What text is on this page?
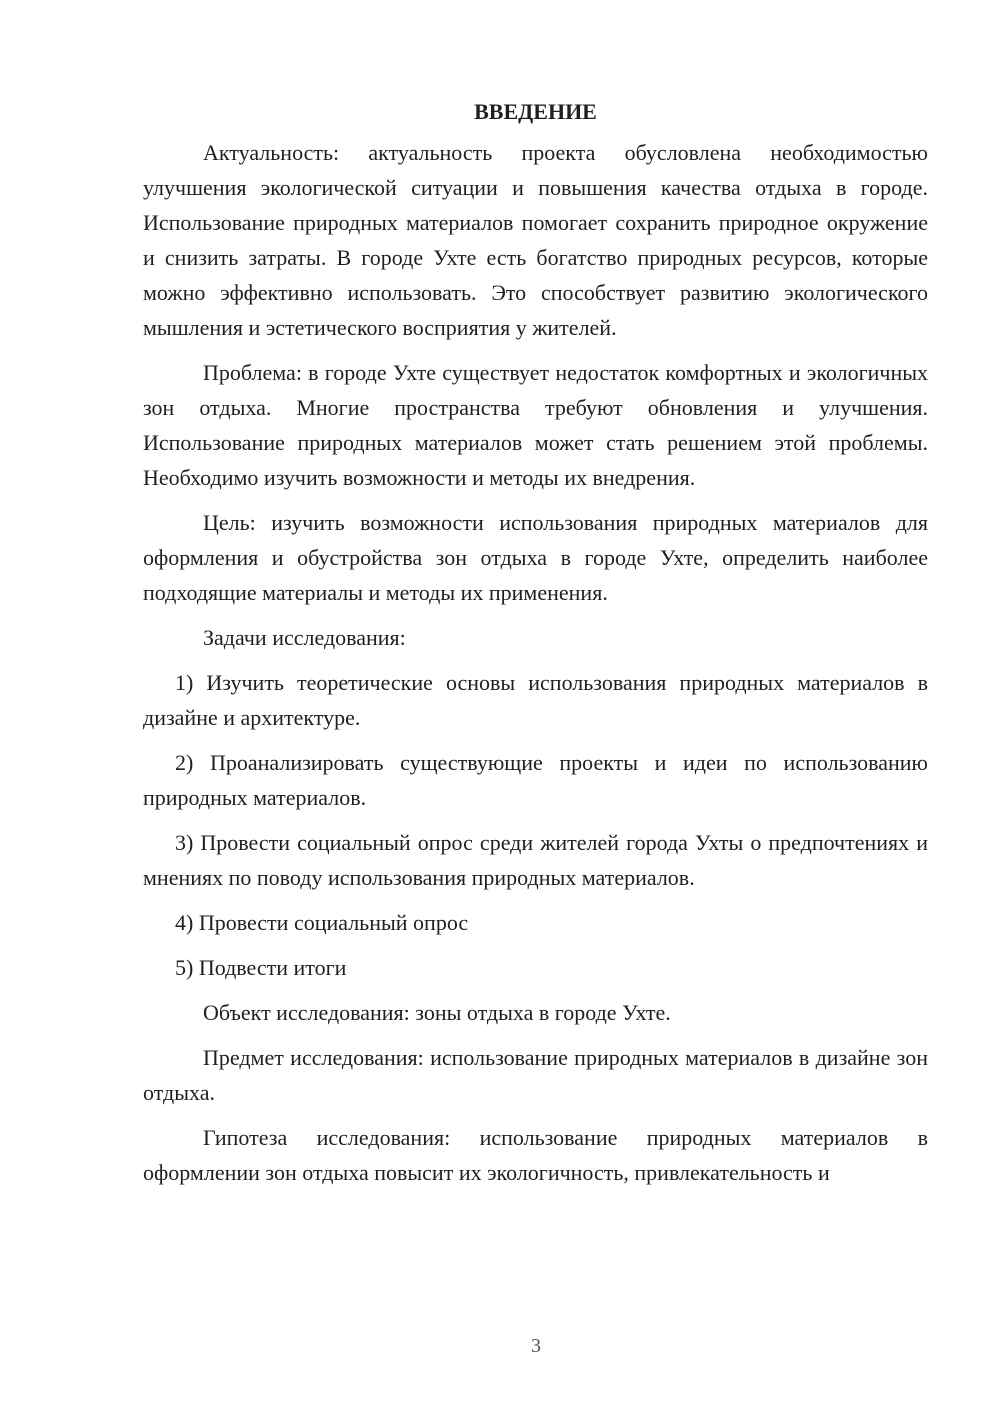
ВВЕДЕНИЕ

Актуальность: актуальность проекта обусловлена необходимостью улучшения экологической ситуации и повышения качества отдыха в городе. Использование природных материалов помогает сохранить природное окружение и снизить затраты. В городе Ухте есть богатство природных ресурсов, которые можно эффективно использовать. Это способствует развитию экологического мышления и эстетического восприятия у жителей.

Проблема: в городе Ухте существует недостаток комфортных и экологичных зон отдыха. Многие пространства требуют обновления и улучшения. Использование природных материалов может стать решением этой проблемы. Необходимо изучить возможности и методы их внедрения.

Цель: изучить возможности использования природных материалов для оформления и обустройства зон отдыха в городе Ухте, определить наиболее подходящие материалы и методы их применения.

Задачи исследования:

1) Изучить теоретические основы использования природных материалов в дизайне и архитектуре.

2) Проанализировать существующие проекты и идеи по использованию природных материалов.

3) Провести социальный опрос среди жителей города Ухты о предпочтениях и мнениях по поводу использования природных материалов.

4) Провести социальный опрос

5) Подвести итоги

Объект исследования: зоны отдыха в городе Ухте.

Предмет исследования: использование природных материалов в дизайне зон отдыха.

Гипотеза исследования: использование природных материалов в оформлении зон отдыха повысит их экологичность, привлекательность и

3
